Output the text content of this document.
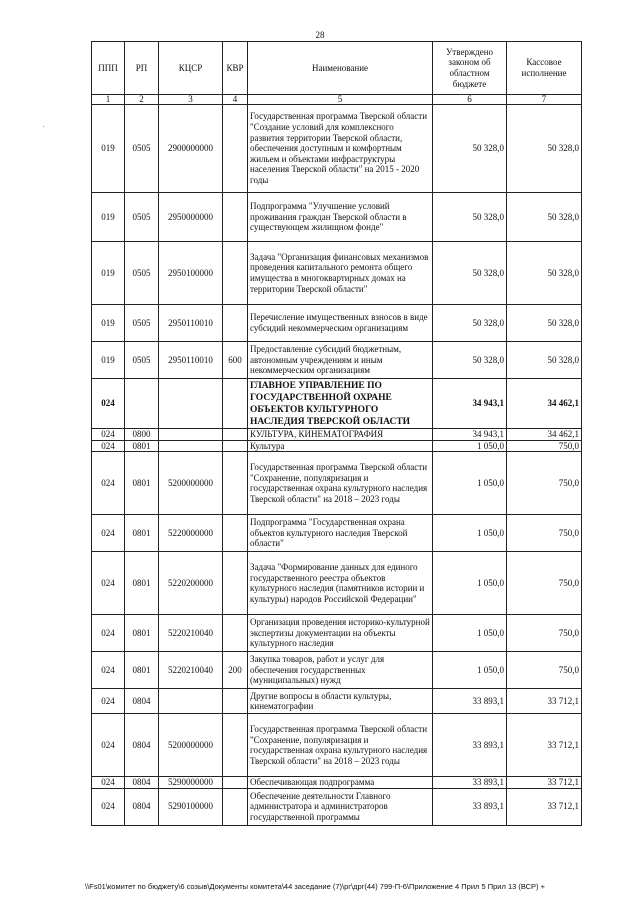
28
ППП	РП	КЦСР	КВР	Наименование	Утверждено законом об областном бюджете	Кассовое исполнение
1	2	3	4	5	6	7
019	0505	2900000000		Государственная программа Тверской области "Создание условий для комплексного развития территории Тверской области, обеспечения доступным и комфортным жильем и объектами инфраструктуры населения Тверской области" на 2015 - 2020 годы	50 328,0	50 328,0
019	0505	2950000000		Подпрограмма "Улучшение условий проживания граждан Тверской области в существующем жилищном фонде"	50 328,0	50 328,0
019	0505	2950100000		Задача "Организация финансовых механизмов проведения капитального ремонта общего имущества в многоквартирных домах на территории Тверской области"	50 328,0	50 328,0
019	0505	2950110010		Перечисление имущественных взносов в виде субсидий некоммерческим организациям	50 328,0	50 328,0
019	0505	2950110010	600	Предоставление субсидий бюджетным, автономным учреждениям и иным некоммерческим организациям	50 328,0	50 328,0
024				ГЛАВНОЕ УПРАВЛЕНИЕ ПО ГОСУДАРСТВЕННОЙ ОХРАНЕ ОБЪЕКТОВ КУЛЬТУРНОГО НАСЛЕДИЯ ТВЕРСКОЙ ОБЛАСТИ	34 943,1	34 462,1
024	0800			КУЛЬТУРА, КИНЕМАТОГРАФИЯ	34 943,1	34 462,1
024	0801			Культура	1 050,0	750,0
024	0801	5200000000		Государственная программа Тверской области "Сохранение, популяризация и государственная охрана культурного наследия Тверской области" на 2018 – 2023 годы	1 050,0	750,0
024	0801	5220000000		Подпрограмма "Государственная охрана объектов культурного наследия Тверской области"	1 050,0	750,0
024	0801	5220200000		Задача "Формирование данных для единого государственного реестра объектов культурного наследия (памятников истории и культуры) народов Российской Федерации"	1 050,0	750,0
024	0801	5220210040		Организация проведения историко-культурной экспертизы документации на объекты культурного наследия	1 050,0	750,0
024	0801	5220210040	200	Закупка товаров, работ и услуг для обеспечения государственных (муниципальных) нужд	1 050,0	750,0
024	0804			Другие вопросы в области культуры, кинематографии	33 893,1	33 712,1
024	0804	5200000000		Государственная программа Тверской области "Сохранение, популяризация и государственная охрана культурного наследия Тверской области" на 2018 – 2023 годы	33 893,1	33 712,1
024	0804	5290000000		Обеспечивающая подпрограмма	33 893,1	33 712,1
024	0804	5290100000		Обеспечение деятельности Главного администратора и администраторов государственной программы	33 893,1	33 712,1
\\Fs01\комитет по бюджету\6 созыв\Документы комитета\44 заседание (7)\рг\дрг(44) 799-П-6\Приложение 4 Прил 5 Прил 13 (ВСР) +
